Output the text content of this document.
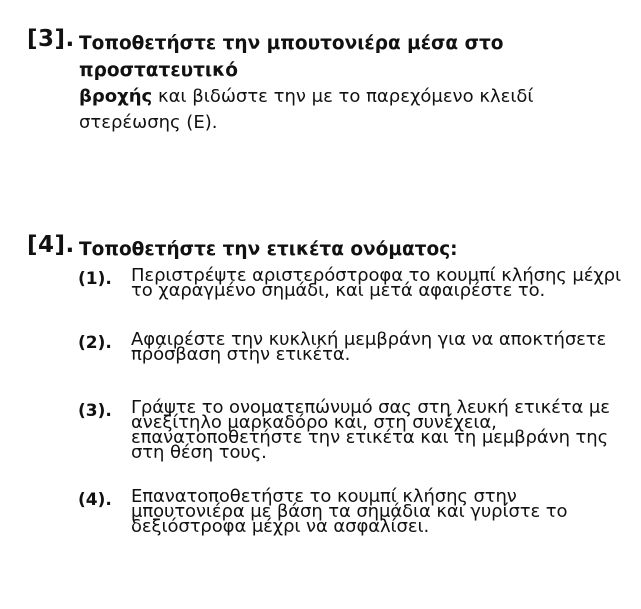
[3]. Τοποθετήστε την μπουτονιέρα μέσα στο
προστατευτικό
βροχής και βιδώστε την με το παρεχόμενο κλειδί στερέωσης (Ε).
[4]. Τοποθετήστε την ετικέτα ονόματος:
(1). Περιστρέψτε αριστερόστροφα το κουμπί κλήσης μέχρι το χαραγμένο σημάδι, και μετά αφαιρέστε το.
(2). Αφαιρέστε την κυκλική μεμβράνη για να αποκτήσετε πρόσβαση στην ετικέτα.
(3). Γράψτε το ονοματεπώνυμό σας στη λευκή ετικέτα με ανεξίτηλο μαρκαδόρο και, στη συνέχεια, επανατοποθετήστε την ετικέτα και τη μεμβράνη της στη θέση τους.
(4). Επανατοποθετήστε το κουμπί κλήσης στην μπουτονιέρα με βάση τα σημάδια και γυρίστε το δεξιόστροφα μέχρι να ασφαλίσει.
